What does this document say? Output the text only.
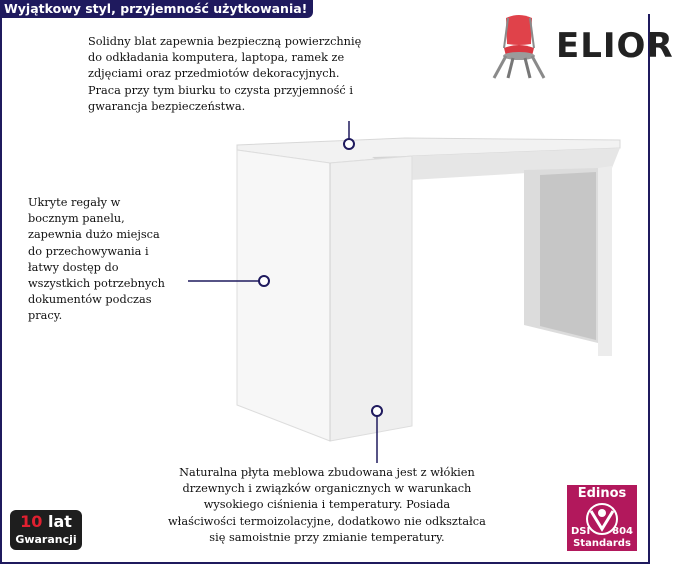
Wyjątkowy styl, przyjemność użytkowania!
ELIOR
Solidny blat zapewnia bezpieczną powierzchnię
do odkładania komputera, laptopa, ramek ze
zdjęciami oraz przedmiotów dekoracyjnych.
Praca przy tym biurku to czysta przyjemność i
gwarancja bezpieczeństwa.
Ukryte regały w
bocznym panelu,
zapewnia dużo miejsca
do przechowywania i
łatwy dostęp do
wszystkich potrzebnych
dokumentów podczas
pracy.
Naturalna płyta meblowa zbudowana jest z włókien
drzewnych i związków organicznych w warunkach
wysokiego ciśnienia i temperatury. Posiada
właściwości termoizolacyjne, dodatkowo nie odkształca
się samoistnie przy zmianie temperatury.
10 lat
Gwarancji
Edinos
DSI 804
Standards
